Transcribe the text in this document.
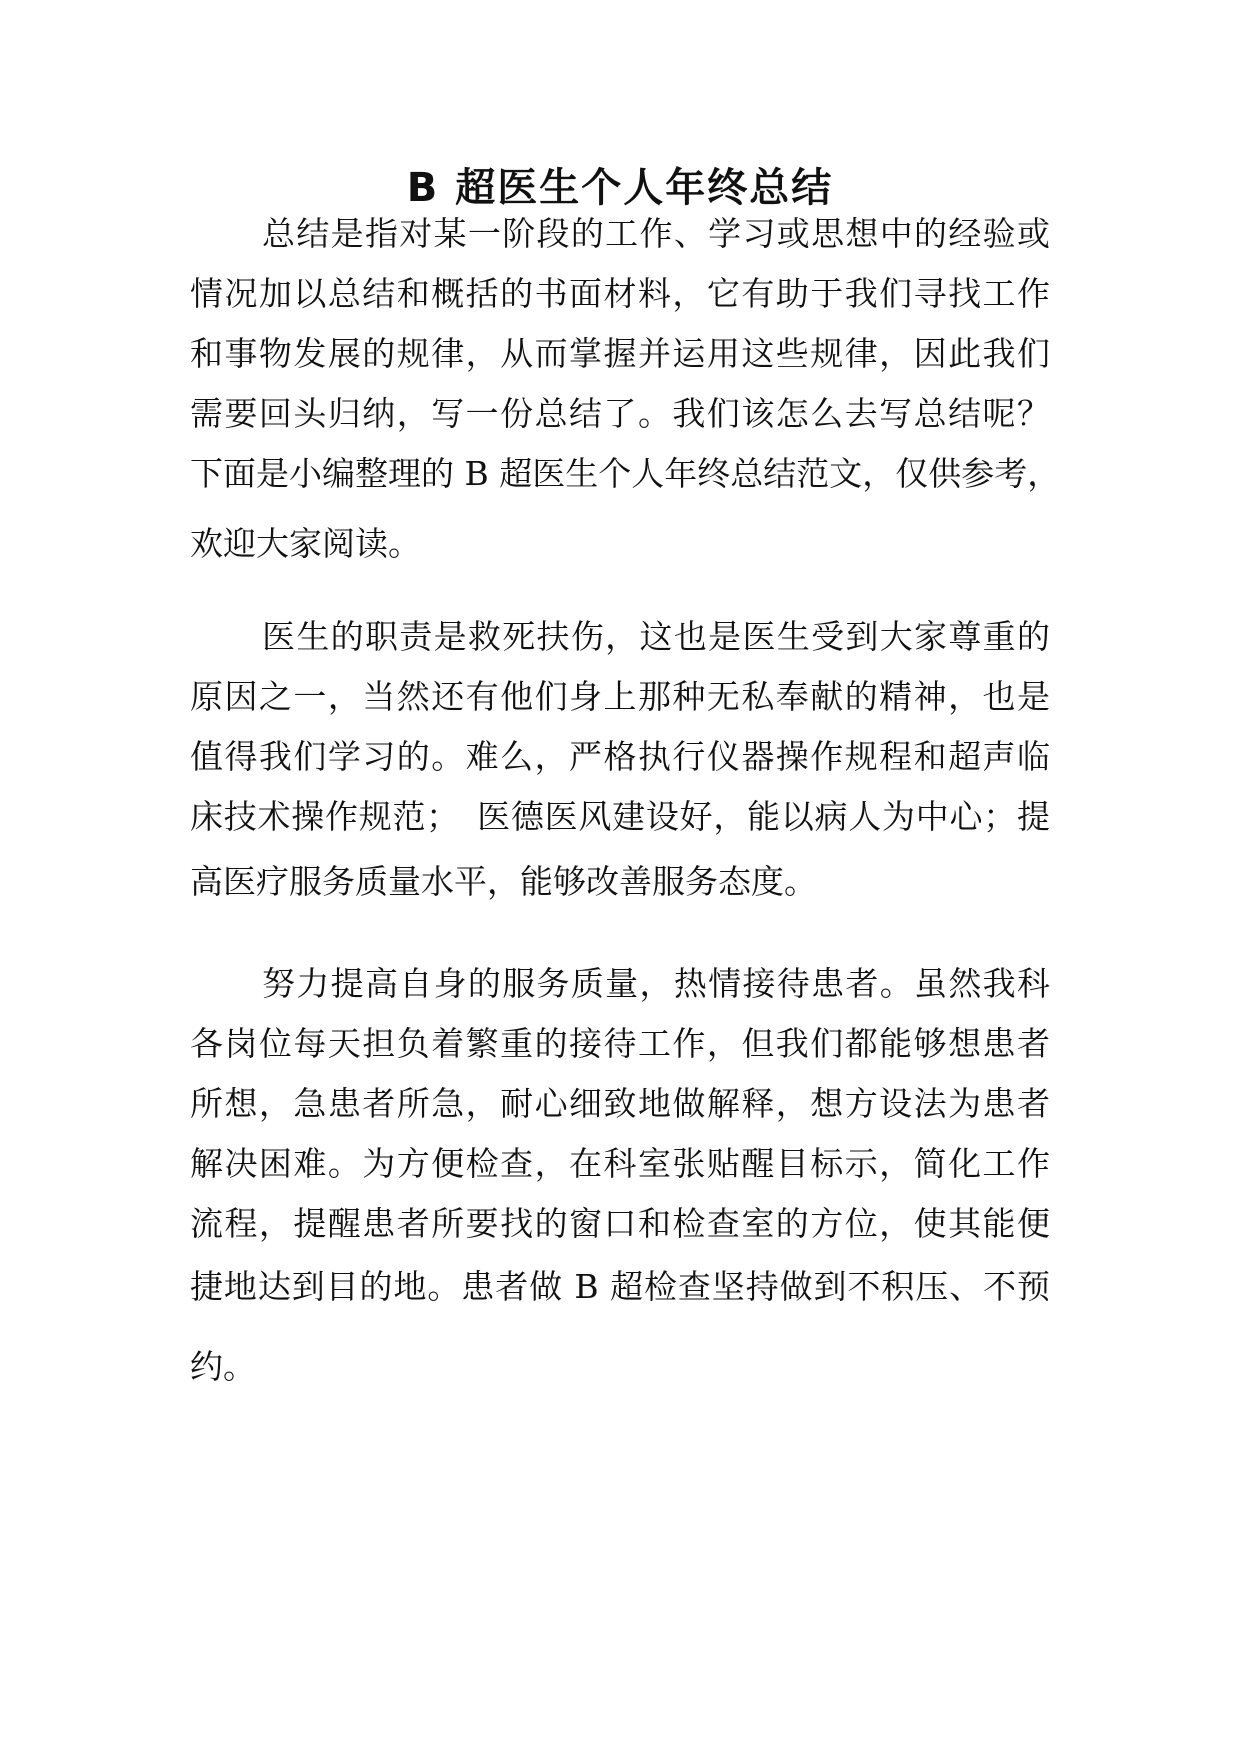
B 超医生个人年终总结
总结是指对某一阶段的工作、学习或思想中的经验或
情况加以总结和概括的书面材料，它有助于我们寻找工作
和事物发展的规律，从而掌握并运用这些规律，因此我们
需要回头归纳，写一份总结了。我们该怎么去写总结呢？
下面是小编整理的 B 超医生个人年终总结范文，仅供参考，
欢迎大家阅读。
医生的职责是救死扶伤，这也是医生受到大家尊重的
原因之一，当然还有他们身上那种无私奉献的精神，也是
值得我们学习的。难么，严格执行仪器操作规程和超声临
床技术操作规范；　医德医风建设好，能以病人为中心；提
高医疗服务质量水平，能够改善服务态度。
努力提高自身的服务质量，热情接待患者。虽然我科
各岗位每天担负着繁重的接待工作，但我们都能够想患者
所想，急患者所急，耐心细致地做解释，想方设法为患者
解决困难。为方便检查，在科室张贴醒目标示，简化工作
流程，提醒患者所要找的窗口和检查室的方位，使其能便
捷地达到目的地。患者做 B 超检查坚持做到不积压、不预
约。
